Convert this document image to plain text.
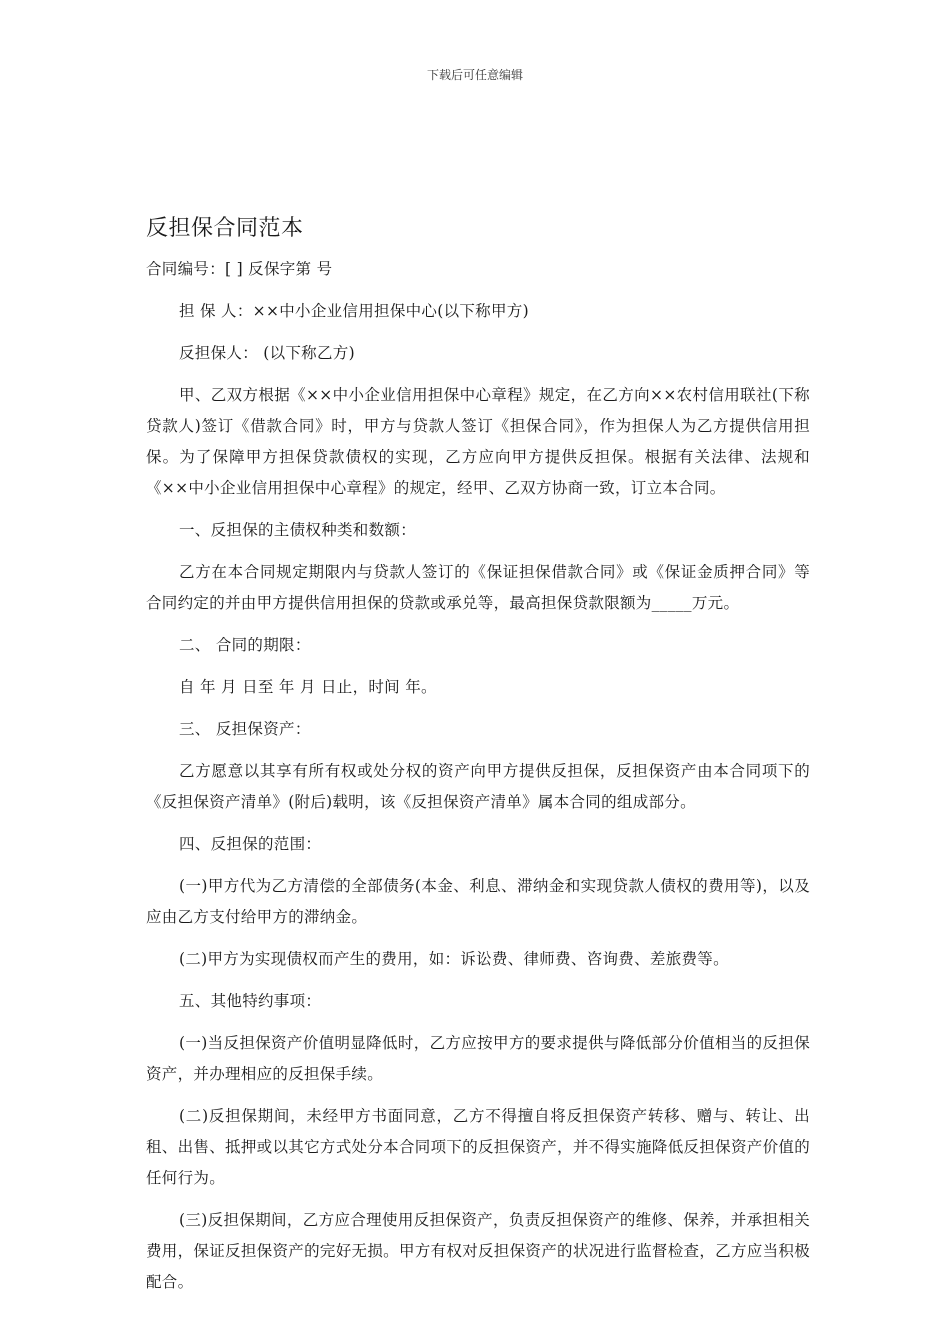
下载后可任意编辑
反担保合同范本

合同编号：[ ] 反保字第 号

担 保 人：××中小企业信用担保中心(以下称甲方)

反担保人： (以下称乙方)

甲、乙双方根据《××中小企业信用担保中心章程》规定，在乙方向××农村信用联社(下称贷款人)签订《借款合同》时，甲方与贷款人签订《担保合同》，作为担保人为乙方提供信用担保。为了保障甲方担保贷款债权的实现，乙方应向甲方提供反担保。根据有关法律、法规和《××中小企业信用担保中心章程》的规定，经甲、乙双方协商一致，订立本合同。

一、反担保的主债权种类和数额：

乙方在本合同规定期限内与贷款人签订的《保证担保借款合同》或《保证金质押合同》等合同约定的并由甲方提供信用担保的贷款或承兑等，最高担保贷款限额为_____万元。

二、 合同的期限：

自 年 月 日至 年 月 日止，时间 年。

三、 反担保资产：

乙方愿意以其享有所有权或处分权的资产向甲方提供反担保，反担保资产由本合同项下的《反担保资产清单》(附后)载明，该《反担保资产清单》属本合同的组成部分。

四、反担保的范围：

(一)甲方代为乙方清偿的全部债务(本金、利息、滞纳金和实现贷款人债权的费用等)，以及应由乙方支付给甲方的滞纳金。

(二)甲方为实现债权而产生的费用，如：诉讼费、律师费、咨询费、差旅费等。

五、其他特约事项：

(一)当反担保资产价值明显降低时，乙方应按甲方的要求提供与降低部分价值相当的反担保资产，并办理相应的反担保手续。

(二)反担保期间，未经甲方书面同意，乙方不得擅自将反担保资产转移、赠与、转让、出租、出售、抵押或以其它方式处分本合同项下的反担保资产，并不得实施降低反担保资产价值的任何行为。

(三)反担保期间，乙方应合理使用反担保资产，负责反担保资产的维修、保养，并承担相关费用，保证反担保资产的完好无损。甲方有权对反担保资产的状况进行监督检查，乙方应当积极配合。
